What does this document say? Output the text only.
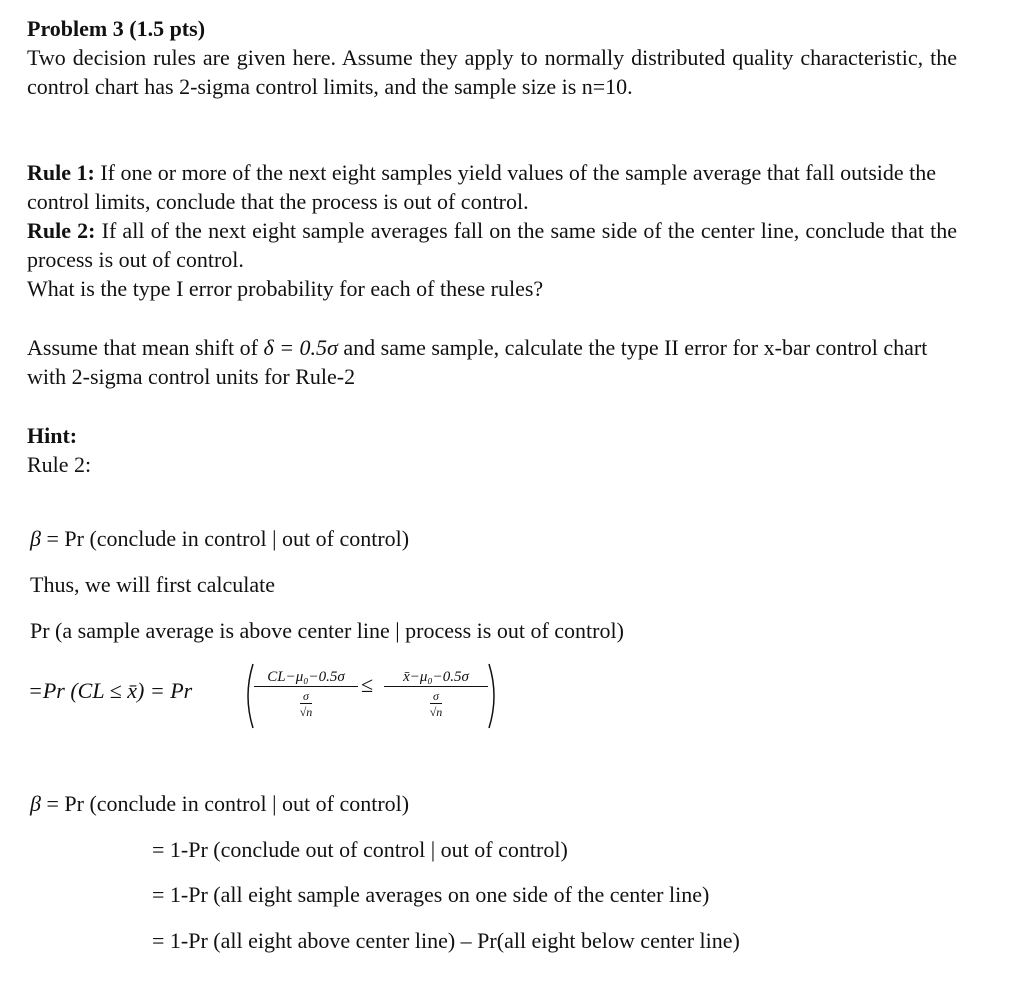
Problem 3 (1.5 pts)
Two decision rules are given here. Assume they apply to normally distributed quality characteristic, the control chart has 2-sigma control limits, and the sample size is n=10.
Rule 1: If one or more of the next eight samples yield values of the sample average that fall outside the control limits, conclude that the process is out of control.
Rule 2: If all of the next eight sample averages fall on the same side of the center line, conclude that the process is out of control.
What is the type I error probability for each of these rules?
Assume that mean shift of δ = 0.5σ and same sample, calculate the type II error for x-bar control chart with 2-sigma control units for Rule-2
Hint:
Rule 2:
β = Pr (conclude in control | out of control)
Thus, we will first calculate
Pr (a sample average is above center line | process is out of control)
=Pr (CL ≤ x̄) = Pr
CL−μ₀−0.5σ
σ
√n
≤	x̄−μ₀−0.5σ
σ
√n
β = Pr (conclude in control | out of control)
= 1-Pr (conclude out of control | out of control)
= 1-Pr (all eight sample averages on one side of the center line)
= 1-Pr (all eight above center line) – Pr(all eight below center line)
